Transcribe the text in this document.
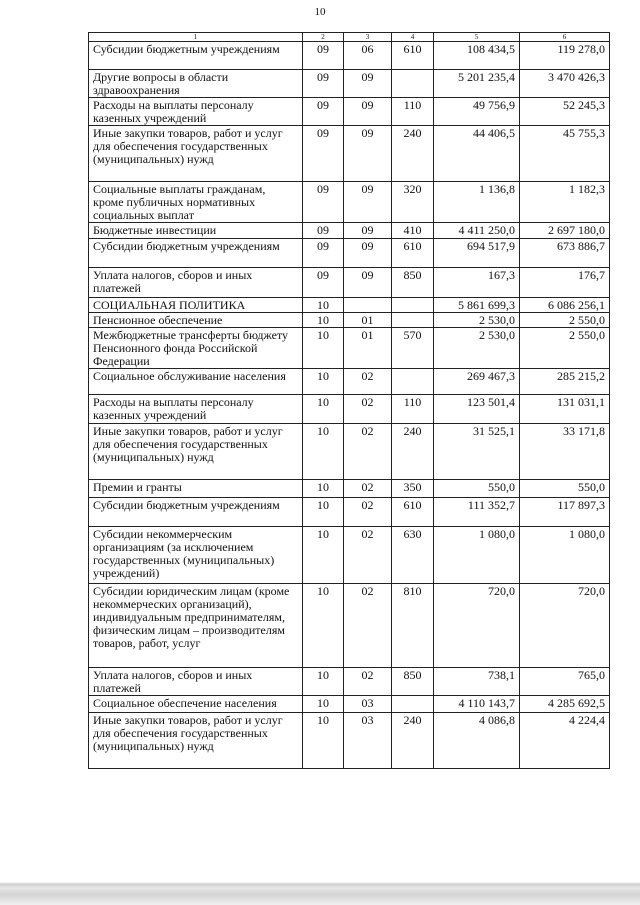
10
1	2	3	4	5	6
Субсидии бюджетным учреждениям	09	06	610	108 434,5	119 278,0
Другие вопросы в области здравоохранения	09	09		5 201 235,4	3 470 426,3
Расходы на выплаты персоналу казенных учреждений	09	09	110	49 756,9	52 245,3
Иные закупки товаров, работ и услуг для обеспечения государственных (муниципальных) нужд	09	09	240	44 406,5	45 755,3
Социальные выплаты гражданам, кроме публичных нормативных социальных выплат	09	09	320	1 136,8	1 182,3
Бюджетные инвестиции	09	09	410	4 411 250,0	2 697 180,0
Субсидии бюджетным учреждениям	09	09	610	694 517,9	673 886,7
Уплата налогов, сборов и иных платежей	09	09	850	167,3	176,7
СОЦИАЛЬНАЯ ПОЛИТИКА	10			5 861 699,3	6 086 256,1
Пенсионное обеспечение	10	01		2 530,0	2 550,0
Межбюджетные трансферты бюджету Пенсионного фонда Российской Федерации	10	01	570	2 530,0	2 550,0
Социальное обслуживание населения	10	02		269 467,3	285 215,2
Расходы на выплаты персоналу казенных учреждений	10	02	110	123 501,4	131 031,1
Иные закупки товаров, работ и услуг для обеспечения государственных (муниципальных) нужд	10	02	240	31 525,1	33 171,8
Премии и гранты	10	02	350	550,0	550,0
Субсидии бюджетным учреждениям	10	02	610	111 352,7	117 897,3
Субсидии некоммерческим организациям (за исключением государственных (муниципальных) учреждений)	10	02	630	1 080,0	1 080,0
Субсидии юридическим лицам (кроме некоммерческих организаций), индивидуальным предпринимателям, физическим лицам – производителям товаров, работ, услуг	10	02	810	720,0	720,0
Уплата налогов, сборов и иных платежей	10	02	850	738,1	765,0
Социальное обеспечение населения	10	03		4 110 143,7	4 285 692,5
Иные закупки товаров, работ и услуг для обеспечения государственных (муниципальных) нужд	10	03	240	4 086,8	4 224,4
